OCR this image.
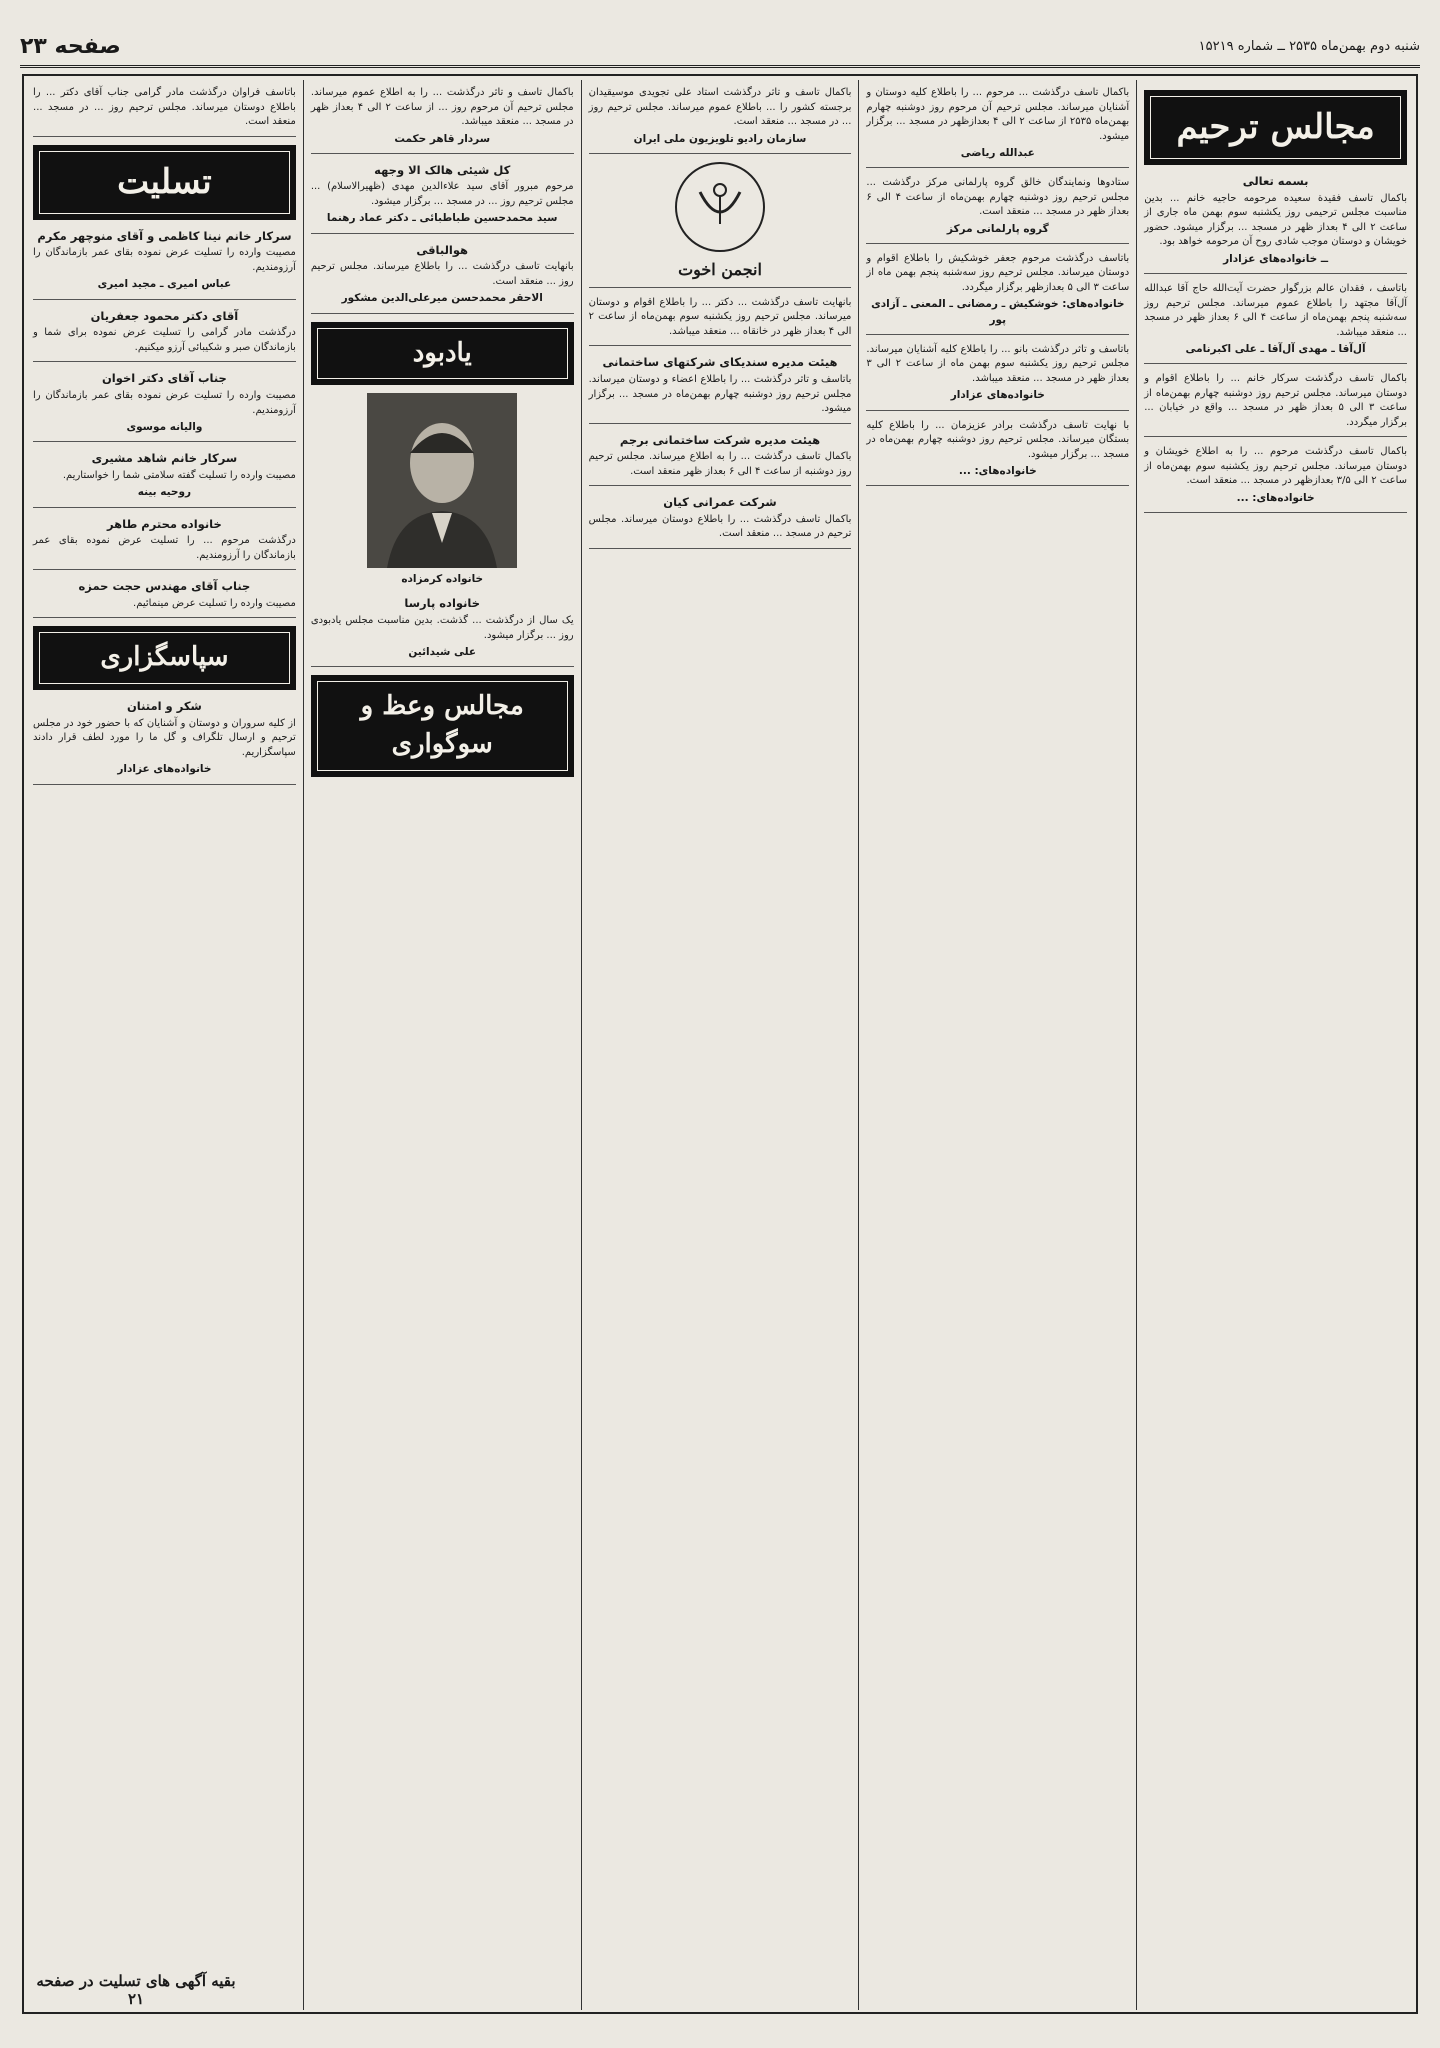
شنبه دوم بهمن‌ماه ۲۵۳۵ ــ شماره ۱۵۲۱۹
صفحه ۲۳
مجالس ترحیم
بسمه تعالی
باکمال تاسف فقیدة سعیده مرحومه حاجیه خانم ... بدین مناسبت مجلس ترحیمی روز یکشنبه سوم بهمن ماه جاری از ساعت ۲ الی ۴ بعداز ظهر در مسجد ... برگزار میشود. حضور خویشان و دوستان موجب شادی روح آن مرحومه خواهد بود.
ــ خانواده‌های عزادار
باتاسف ، فقدان عالم بزرگوار حضرت آیت‌الله حاج آقا عبدالله آل‌آقا مجتهد را باطلاع عموم میرساند. مجلس ترحیم روز سه‌شنبه پنجم بهمن‌ماه از ساعت ۴ الی ۶ بعداز ظهر در مسجد ... منعقد میباشد.
آل‌آقا ـ مهدی آل‌آقا ـ علی اکبرنامی
باکمال تاسف درگذشت سرکار خانم ... را باطلاع اقوام و دوستان میرساند. مجلس ترحیم روز دوشنبه چهارم بهمن‌ماه از ساعت ۳ الی ۵ بعداز ظهر در مسجد ... واقع در خیابان ... برگزار میگردد.
باکمال تاسف درگذشت مرحوم ... را به اطلاع خویشان و دوستان میرساند. مجلس ترحیم روز یکشنبه سوم بهمن‌ماه از ساعت ۲ الی ۳/۵ بعدازظهر در مسجد ... منعقد است.
خانواده‌های: ...
باکمال تاسف درگذشت ... مرحوم ... را باطلاع کلیه دوستان و آشنایان میرساند. مجلس ترحیم آن مرحوم روز دوشنبه چهارم بهمن‌ماه ۲۵۳۵ از ساعت ۲ الی ۴ بعدازظهر در مسجد ... برگزار میشود.
عبدالله ریاضی
ستادوها ونمایندگان خالق گروه پارلمانی مرکز درگذشت ... مجلس ترحیم روز دوشنبه چهارم بهمن‌ماه از ساعت ۴ الی ۶ بعداز ظهر در مسجد ... منعقد است.
گروه پارلمانی مرکز
باتاسف درگذشت مرحوم جعفر خوشکیش را باطلاع اقوام و دوستان میرساند. مجلس ترحیم روز سه‌شنبه پنجم بهمن ماه از ساعت ۳ الی ۵ بعدازظهر برگزار میگردد.
خانواده‌های: خوشکیش ـ رمضانی ـ المعنی ـ آزادی پور
باتاسف و تاثر درگذشت بانو ... را باطلاع کلیه آشنایان میرساند. مجلس ترحیم روز یکشنبه سوم بهمن ماه از ساعت ۲ الی ۳ بعداز ظهر در مسجد ... منعقد میباشد.
خانواده‌های عزادار
با نهایت تاسف درگذشت برادر عزیزمان ... را باطلاع کلیه بستگان میرساند. مجلس ترحیم روز دوشنبه چهارم بهمن‌ماه در مسجد ... برگزار میشود.
خانواده‌های: ...
باکمال تاسف و تاثر درگذشت استاد علی تجویدی موسیقیدان برجسته کشور را ... باطلاع عموم میرساند. مجلس ترحیم روز ... در مسجد ... منعقد است.
سازمان رادیو تلویزیون ملی ایران
انجمن اخوت
بانهایت تاسف درگذشت ... دکتر ... را باطلاع اقوام و دوستان میرساند. مجلس ترحیم روز یکشنبه سوم بهمن‌ماه از ساعت ۲ الی ۴ بعداز ظهر در خانقاه ... منعقد میباشد.
هیئت مدیره سندیکای شرکتهای ساختمانی
باتاسف و تاثر درگذشت ... را باطلاع اعضاء و دوستان میرساند. مجلس ترحیم روز دوشنبه چهارم بهمن‌ماه در مسجد ... برگزار میشود.
هیئت مدیره شرکت ساختمانی برجم
باکمال تاسف درگذشت ... را به اطلاع میرساند. مجلس ترحیم روز دوشنبه از ساعت ۴ الی ۶ بعداز ظهر منعقد است.
شرکت عمرانی کیان
باکمال تاسف درگذشت ... را باطلاع دوستان میرساند. مجلس ترحیم در مسجد ... منعقد است.
باکمال تاسف و تاثر درگذشت ... را به اطلاع عموم میرساند. مجلس ترحیم آن مرحوم روز ... از ساعت ۲ الی ۴ بعداز ظهر در مسجد ... منعقد میباشد.
سردار قاهر حکمت
کل شیئی هالک الا وجهه
مرحوم مبرور آقای سید علاءالدین مهدی (ظهیرالاسلام) ... مجلس ترحیم روز ... در مسجد ... برگزار میشود.
سید محمدحسین طباطبائی ـ دکتر عماد رهنما
هوالباقی
بانهایت تاسف درگذشت ... را باطلاع میرساند. مجلس ترحیم روز ... منعقد است.
الاحقر محمدحسن میرعلی‌الدین مشکور
یادبود
خانواده کرمزاده
خانواده پارسا
یک سال از درگذشت ... گذشت. بدین مناسبت مجلس یادبودی روز ... برگزار میشود.
علی شیدائین
مجالس وعظ و سوگواری
باتاسف فراوان درگذشت مادر گرامی جناب آقای دکتر ... را باطلاع دوستان میرساند. مجلس ترحیم روز ... در مسجد ... منعقد است.
تسلیت
سرکار خانم نینا کاظمی و آقای منوچهر مکرم
مصیبت وارده را تسلیت عرض نموده بقای عمر بازماندگان را آرزومندیم.
عباس امیری ـ مجید امیری
آقای دکتر محمود جعفریان
درگذشت مادر گرامی را تسلیت عرض نموده برای شما و بازماندگان صبر و شکیبائی آرزو میکنیم.
جناب آقای دکتر اخوان
مصیبت وارده را تسلیت عرض نموده بقای عمر بازماندگان را آرزومندیم.
والیانه موسوی
سرکار خانم شاهد مشیری
مصیبت وارده را تسلیت گفته سلامتی شما را خواستاریم.
روحیه بینه
خانواده محترم طاهر
درگذشت مرحوم ... را تسلیت عرض نموده بقای عمر بازماندگان را آرزومندیم.
جناب آقای مهندس حجت حمزه
مصیبت وارده را تسلیت عرض مینمائیم.
سپاسگزاری
شکر و امتنان
از کلیه سروران و دوستان و آشنایان که با حضور خود در مجلس ترحیم و ارسال تلگراف و گل ما را مورد لطف قرار دادند سپاسگزاریم.
خانواده‌های عزادار
بقیه آگهی های تسلیت در صفحه ۲۱
